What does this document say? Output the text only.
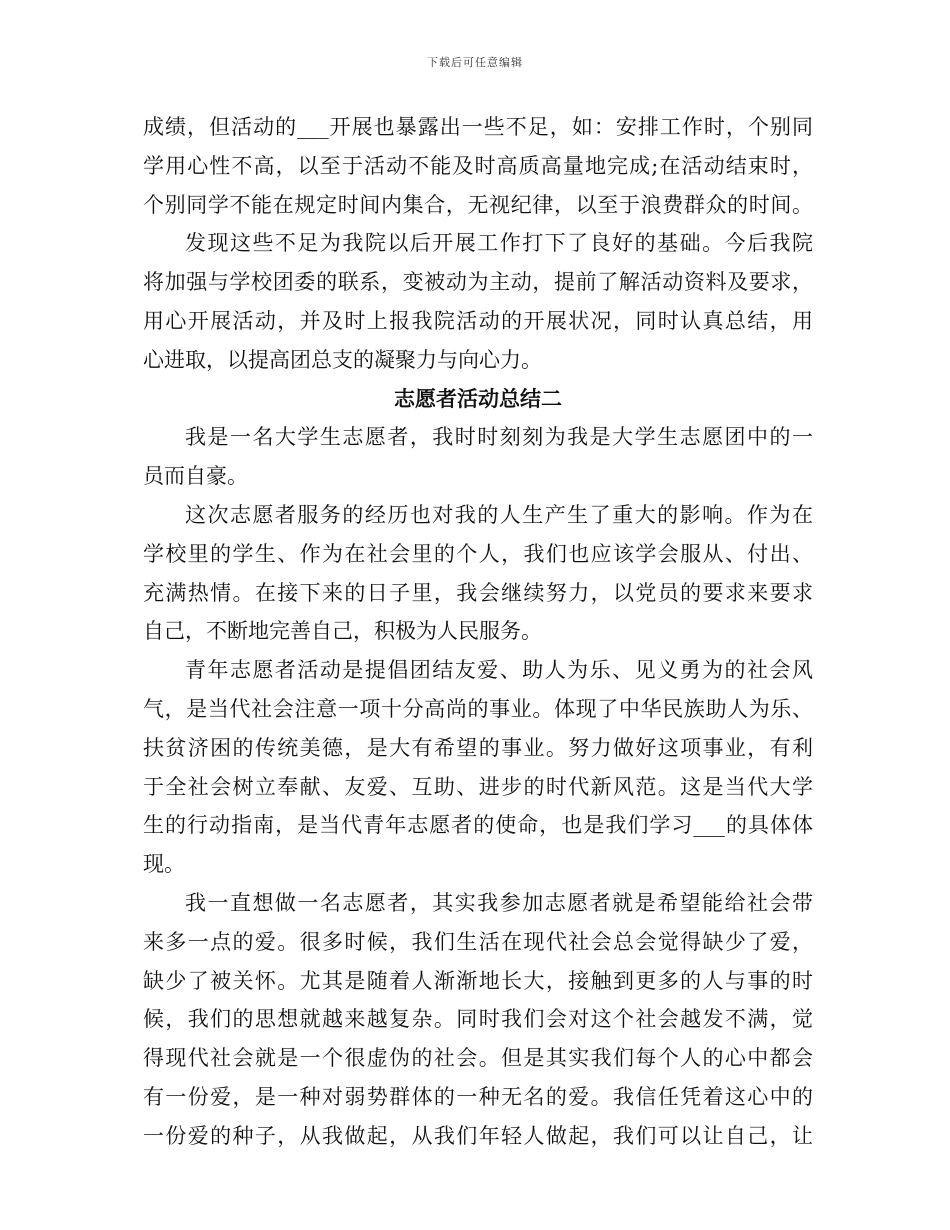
下载后可任意编辑
成绩，但活动的___开展也暴露出一些不足，如：安排工作时，个别同
学用心性不高，以至于活动不能及时高质高量地完成;在活动结束时，
个别同学不能在规定时间内集合，无视纪律，以至于浪费群众的时间。
发现这些不足为我院以后开展工作打下了良好的基础。今后我院
将加强与学校团委的联系，变被动为主动，提前了解活动资料及要求，
用心开展活动，并及时上报我院活动的开展状况，同时认真总结，用
心进取，以提高团总支的凝聚力与向心力。
志愿者活动总结二
我是一名大学生志愿者，我时时刻刻为我是大学生志愿团中的一
员而自豪。
这次志愿者服务的经历也对我的人生产生了重大的影响。作为在
学校里的学生、作为在社会里的个人，我们也应该学会服从、付出、
充满热情。在接下来的日子里，我会继续努力，以党员的要求来要求
自己，不断地完善自己，积极为人民服务。
青年志愿者活动是提倡团结友爱、助人为乐、见义勇为的社会风
气，是当代社会注意一项十分高尚的事业。体现了中华民族助人为乐、
扶贫济困的传统美德，是大有希望的事业。努力做好这项事业，有利
于全社会树立奉献、友爱、互助、进步的时代新风范。这是当代大学
生的行动指南，是当代青年志愿者的使命，也是我们学习___的具体体
现。
我一直想做一名志愿者，其实我参加志愿者就是希望能给社会带
来多一点的爱。很多时候，我们生活在现代社会总会觉得缺少了爱，
缺少了被关怀。尤其是随着人渐渐地长大，接触到更多的人与事的时
候，我们的思想就越来越复杂。同时我们会对这个社会越发不满，觉
得现代社会就是一个很虚伪的社会。但是其实我们每个人的心中都会
有一份爱，是一种对弱势群体的一种无名的爱。我信任凭着这心中的
一份爱的种子，从我做起，从我们年轻人做起，我们可以让自己，让
